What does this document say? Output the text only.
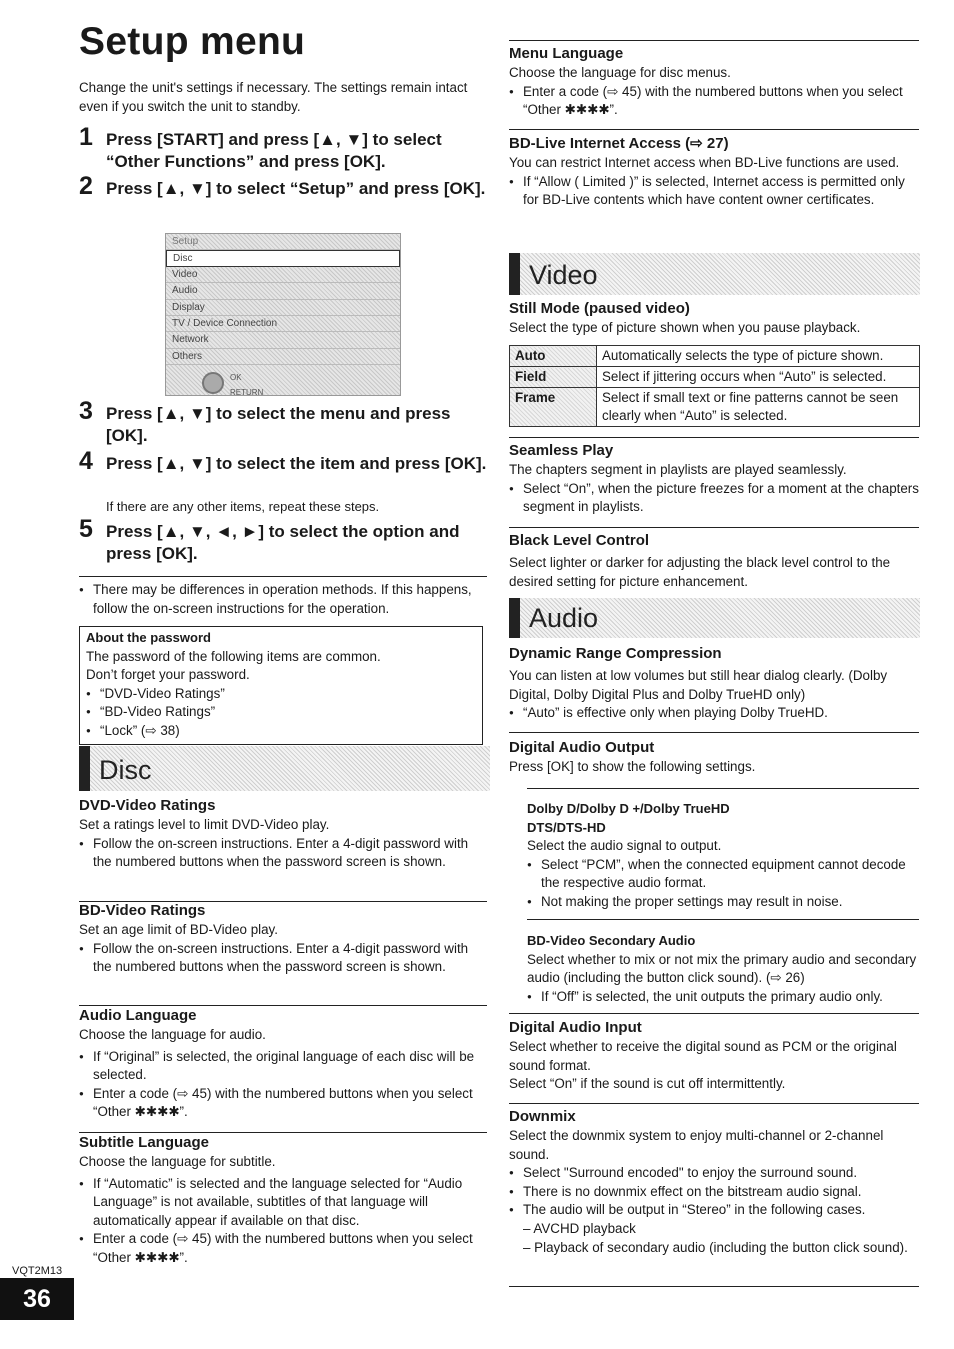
Setup menu
Change the unit's settings if necessary. The settings remain intact even if you switch the unit to standby.
1 Press [START] and press [▲, ▼] to select “Other Functions” and press [OK].
2 Press [▲, ▼] to select “Setup” and press [OK].
Setup
Disc
Video
Audio
Display
TV / Device Connection
Network
Others
OK
RETURN
3 Press [▲, ▼] to select the menu and press [OK].
4 Press [▲, ▼] to select the item and press [OK].
If there are any other items, repeat these steps.
5 Press [▲, ▼, ◄, ►] to select the option and press [OK].
● There may be differences in operation methods. If this happens, follow the on-screen instructions for the operation.
About the password
The password of the following items are common.
Don’t forget your password.
● “DVD-Video Ratings”
● “BD-Video Ratings”
● “Lock” (⇨ 38)
Disc
DVD-Video Ratings
Set a ratings level to limit DVD-Video play.
● Follow the on-screen instructions. Enter a 4-digit password with the numbered buttons when the password screen is shown.
BD-Video Ratings
Set an age limit of BD-Video play.
● Follow the on-screen instructions. Enter a 4-digit password with the numbered buttons when the password screen is shown.
Audio Language
Choose the language for audio.
● If “Original” is selected, the original language of each disc will be selected.
● Enter a code (⇨ 45) with the numbered buttons when you select “Other ✱✱✱✱”.
Subtitle Language
Choose the language for subtitle.
● If “Automatic” is selected and the language selected for “Audio Language” is not available, subtitles of that language will automatically appear if available on that disc.
● Enter a code (⇨ 45) with the numbered buttons when you select “Other ✱✱✱✱”.
Menu Language
Choose the language for disc menus.
● Enter a code (⇨ 45) with the numbered buttons when you select “Other ✱✱✱✱”.
BD-Live Internet Access (⇨ 27)
You can restrict Internet access when BD-Live functions are used.
● If “Allow ( Limited )” is selected, Internet access is permitted only for BD-Live contents which have content owner certificates.
Video
Still Mode (paused video)
Select the type of picture shown when you pause playback.
Auto	Automatically selects the type of picture shown.
Field	Select if jittering occurs when “Auto” is selected.
Frame	Select if small text or fine patterns cannot be seen clearly when “Auto” is selected.
Seamless Play
The chapters segment in playlists are played seamlessly.
● Select “On”, when the picture freezes for a moment at the chapters segment in playlists.
Black Level Control
Select lighter or darker for adjusting the black level control to the desired setting for picture enhancement.
Audio
Dynamic Range Compression
You can listen at low volumes but still hear dialog clearly. (Dolby Digital, Dolby Digital Plus and Dolby TrueHD only)
● “Auto” is effective only when playing Dolby TrueHD.
Digital Audio Output
Press [OK] to show the following settings.
Dolby D/Dolby D +/Dolby TrueHD
DTS/DTS-HD
Select the audio signal to output.
● Select “PCM”, when the connected equipment cannot decode the respective audio format.
● Not making the proper settings may result in noise.
BD-Video Secondary Audio
Select whether to mix or not mix the primary audio and secondary audio (including the button click sound). (⇨ 26)
● If “Off” is selected, the unit outputs the primary audio only.
Digital Audio Input
Select whether to receive the digital sound as PCM or the original sound format.
Select “On” if the sound is cut off intermittently.
Downmix
Select the downmix system to enjoy multi-channel or 2-channel sound.
● Select "Surround encoded" to enjoy the surround sound.
● There is no downmix effect on the bitstream audio signal.
● The audio will be output in “Stereo” in the following cases.
– AVCHD playback
– Playback of secondary audio (including the button click sound).
VQT2M13
36
